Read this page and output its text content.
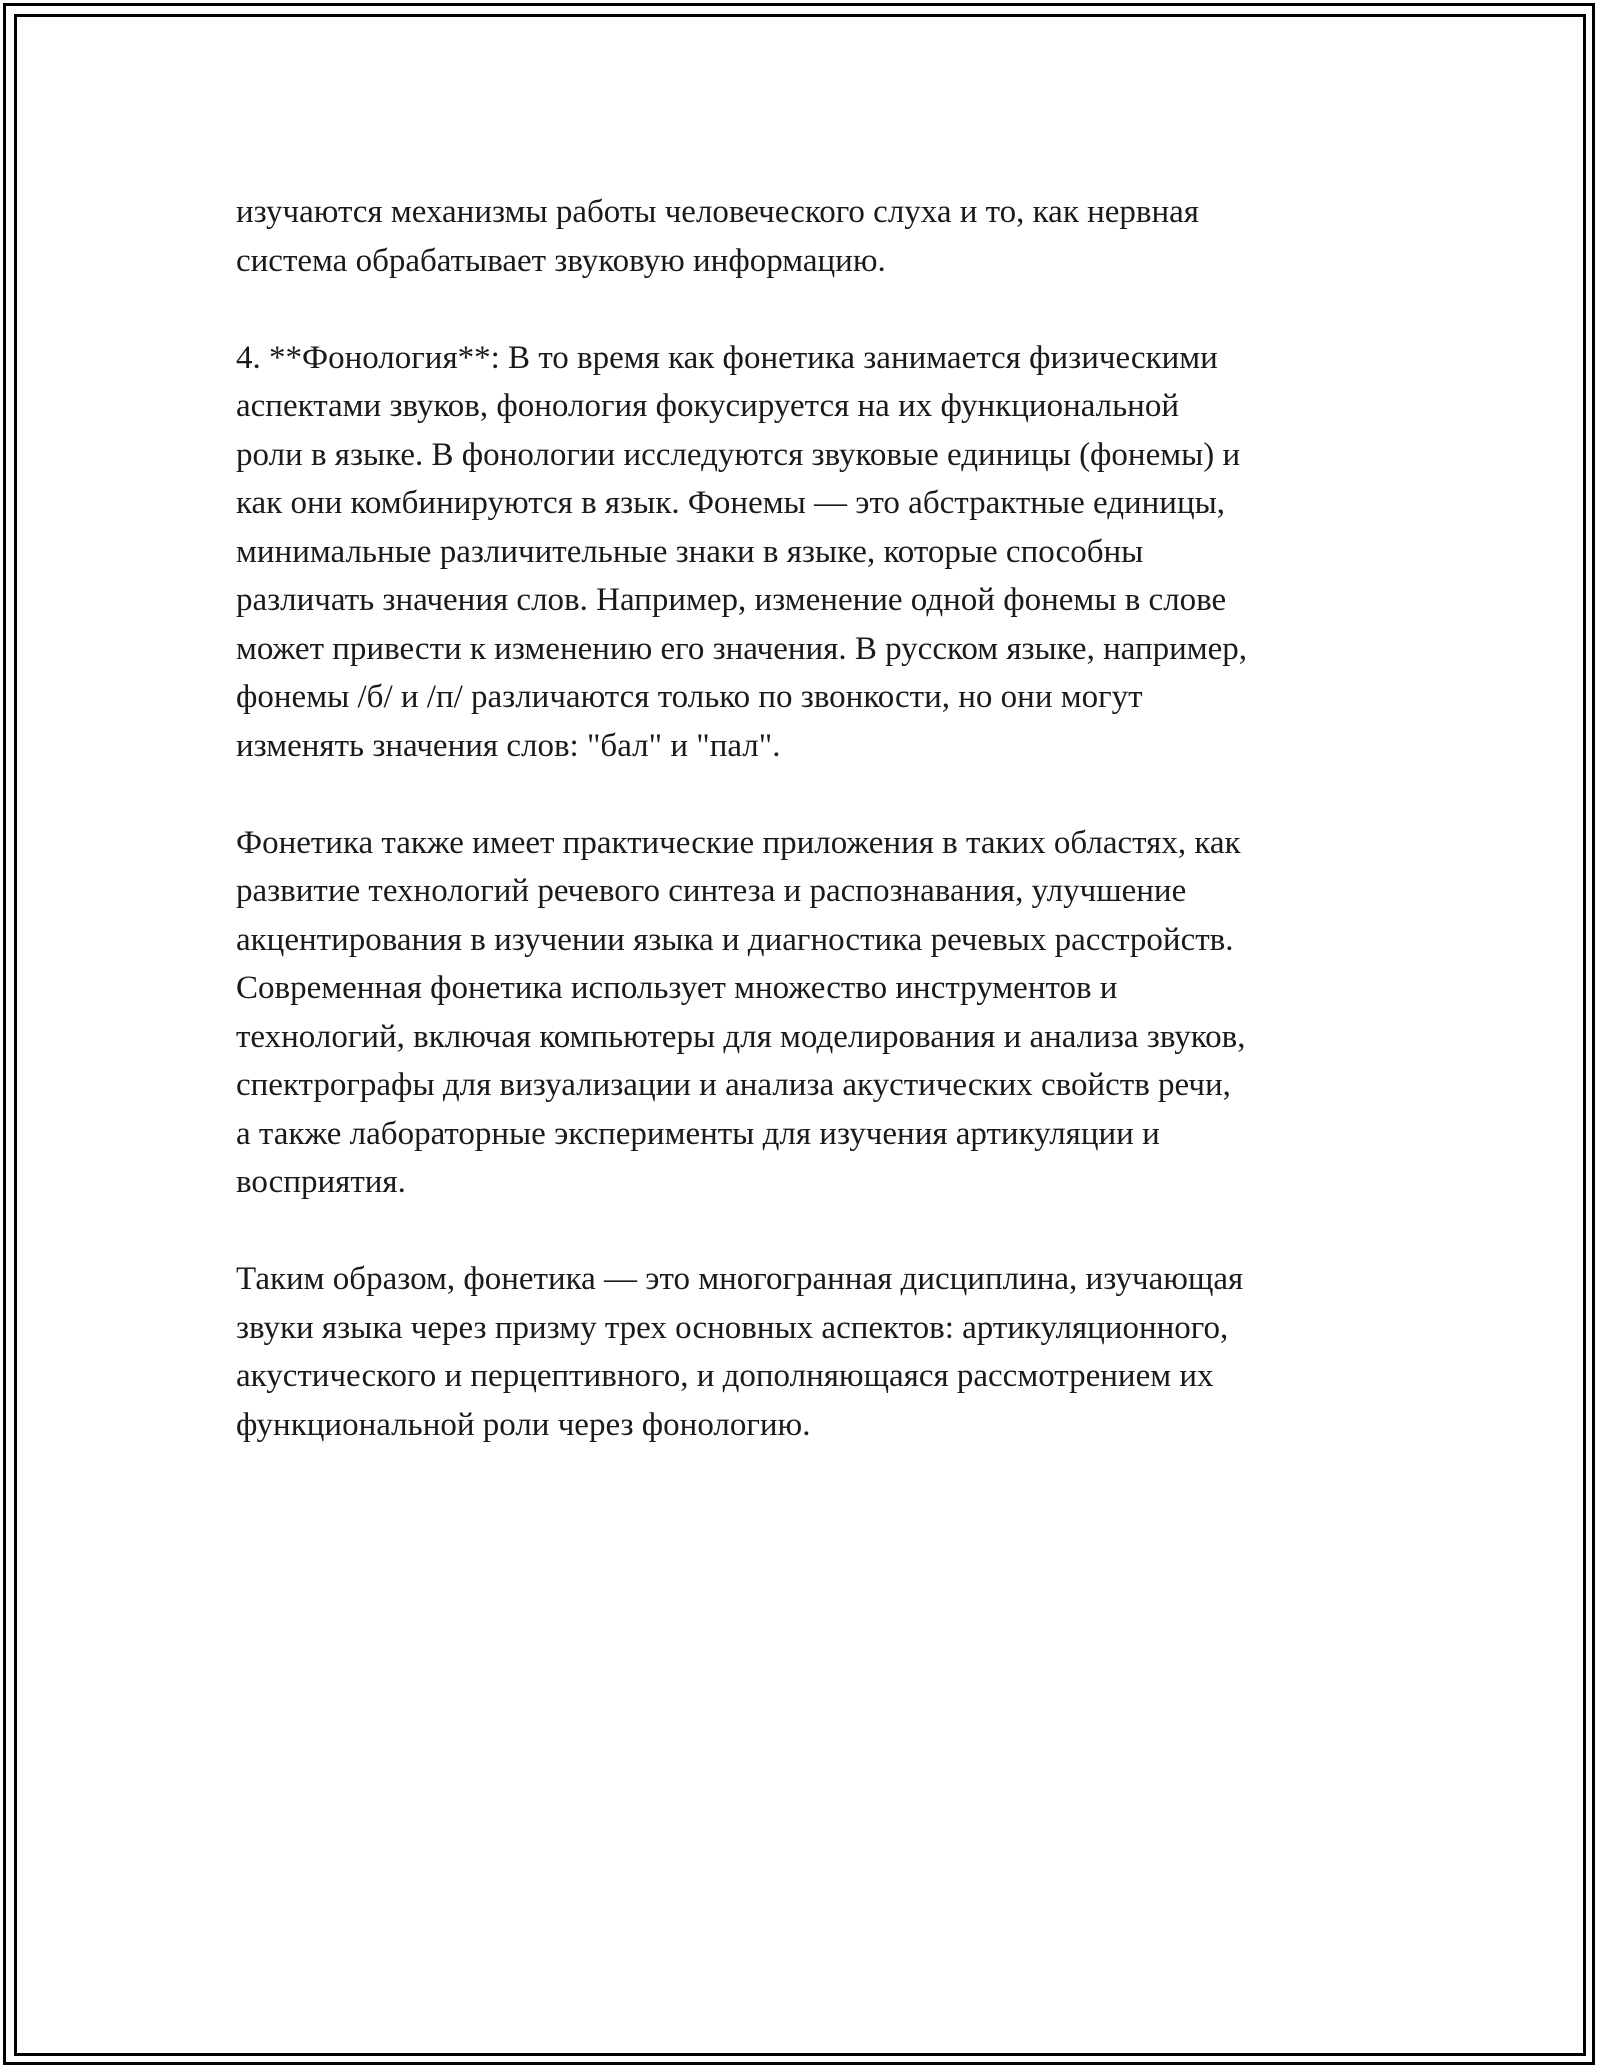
изучаются механизмы работы человеческого слуха и то, как нервная
система обрабатывает звуковую информацию.

4. **Фонология**: В то время как фонетика занимается физическими
аспектами звуков, фонология фокусируется на их функциональной
роли в языке. В фонологии исследуются звуковые единицы (фонемы) и
как они комбинируются в язык. Фонемы — это абстрактные единицы,
минимальные различительные знаки в языке, которые способны
различать значения слов. Например, изменение одной фонемы в слове
может привести к изменению его значения. В русском языке, например,
фонемы /б/ и /п/ различаются только по звонкости, но они могут
изменять значения слов: "бал" и "пал".

Фонетика также имеет практические приложения в таких областях, как
развитие технологий речевого синтеза и распознавания, улучшение
акцентирования в изучении языка и диагностика речевых расстройств.
Современная фонетика использует множество инструментов и
технологий, включая компьютеры для моделирования и анализа звуков,
спектрографы для визуализации и анализа акустических свойств речи,
а также лабораторные эксперименты для изучения артикуляции и
восприятия.

Таким образом, фонетика — это многогранная дисциплина, изучающая
звуки языка через призму трех основных аспектов: артикуляционного,
акустического и перцептивного, и дополняющаяся рассмотрением их
функциональной роли через фонологию.
